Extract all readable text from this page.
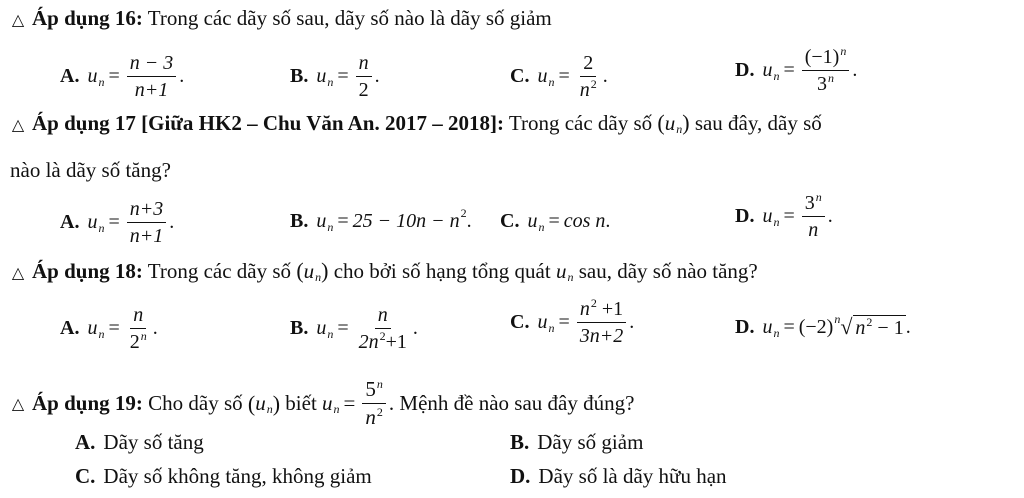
△ Áp dụng 16: Trong các dãy số sau, dãy số nào là dãy số giảm
A. u $n = \frac{n - 3}{n+1}$ .	B. u $n = \frac{n}{2}$ .	C. u $n = \frac{2}{n^2}$ .	D. u $n = \frac{(-1)^n}{3^n}$ .
△ Áp dụng 17 [Giữa HK2 – Chu Văn An. 2017 – 2018]: Trong các dãy số ( u n ) sau đây, dãy số
nào là dãy số tăng?
A. u $n = \frac{n+3}{n+1}$ .	B. u n = 25 − 10n − n 2 . C. u n = cos n .	D. u $n = \frac{3^n}{n}$ .
△ Áp dụng 18: Trong các dãy số ( u n ) cho bởi số hạng tổng quát u n sau, dãy số nào tăng?
A. u $n = \frac{n}{2^n}$ .	B. u $n = \frac{n}{2n^2+1}$ .	C. u $n = \frac{n^2 +1}{3n+2}$ .	D. u n = (−2) n √ $n^2 - 1$ .
△ Áp dụng 19:
Cho dãy số
( u n )
biết
u $n = \frac{5^n}{n^2}$ . Mệnh đề nào sau đây đúng?
A. Dãy số tăng	B. Dãy số giảm
C. Dãy số không tăng, không giảm	D. Dãy số là dãy hữu hạn
